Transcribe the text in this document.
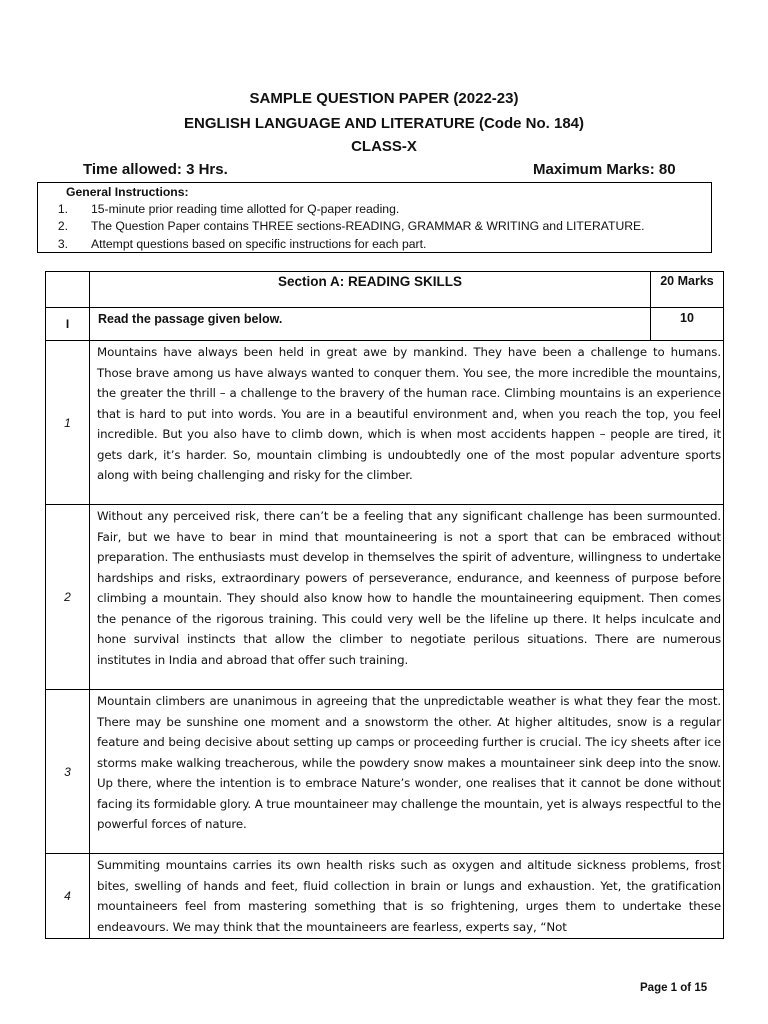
SAMPLE QUESTION PAPER (2022-23)
ENGLISH LANGUAGE AND LITERATURE (Code No. 184)
CLASS-X
Time allowed: 3 Hrs.	Maximum Marks: 80
General Instructions:
1.	15-minute prior reading time allotted for Q-paper reading.
2.	The Question Paper contains THREE sections-READING, GRAMMAR & WRITING and LITERATURE.
3.	Attempt questions based on specific instructions for each part.

	Section A: READING SKILLS	20 Marks
I	Read the passage given below.	10
1	Mountains have always been held in great awe by mankind. They have been a challenge to humans. Those brave among us have always wanted to conquer them. You see, the more incredible the mountains, the greater the thrill – a challenge to the bravery of the human race. Climbing mountains is an experience that is hard to put into words. You are in a beautiful environment and, when you reach the top, you feel incredible. But you also have to climb down, which is when most accidents happen – people are tired, it gets dark, it’s harder. So, mountain climbing is undoubtedly one of the most popular adventure sports along with being challenging and risky for the climber.	

2	Without any perceived risk, there can’t be a feeling that any significant challenge has been surmounted. Fair, but we have to bear in mind that mountaineering is not a sport that can be embraced without preparation. The enthusiasts must develop in themselves the spirit of adventure, willingness to undertake hardships and risks, extraordinary powers of perseverance, endurance, and keenness of purpose before climbing a mountain. They should also know how to handle the mountaineering equipment. Then comes the penance of the rigorous training. This could very well be the lifeline up there. It helps inculcate and hone survival instincts that allow the climber to negotiate perilous situations. There are numerous institutes in India and abroad that offer such training.	

3	Mountain climbers are unanimous in agreeing that the unpredictable weather is what they fear the most. There may be sunshine one moment and a snowstorm the other. At higher altitudes, snow is a regular feature and being decisive about setting up camps or proceeding further is crucial. The icy sheets after ice storms make walking treacherous, while the powdery snow makes a mountaineer sink deep into the snow. Up there, where the intention is to embrace Nature’s wonder, one realises that it cannot be done without facing its formidable glory. A true mountaineer may challenge the mountain, yet is always respectful to the powerful forces of nature.	

4	Summiting mountains carries its own health risks such as oxygen and altitude sickness problems, frost bites, swelling of hands and feet, fluid collection in brain or lungs and exhaustion. Yet, the gratification mountaineers feel from mastering something that is so frightening, urges them to undertake these endeavours. We may think that the mountaineers are fearless, experts say, “Not	
Page 1 of 15
